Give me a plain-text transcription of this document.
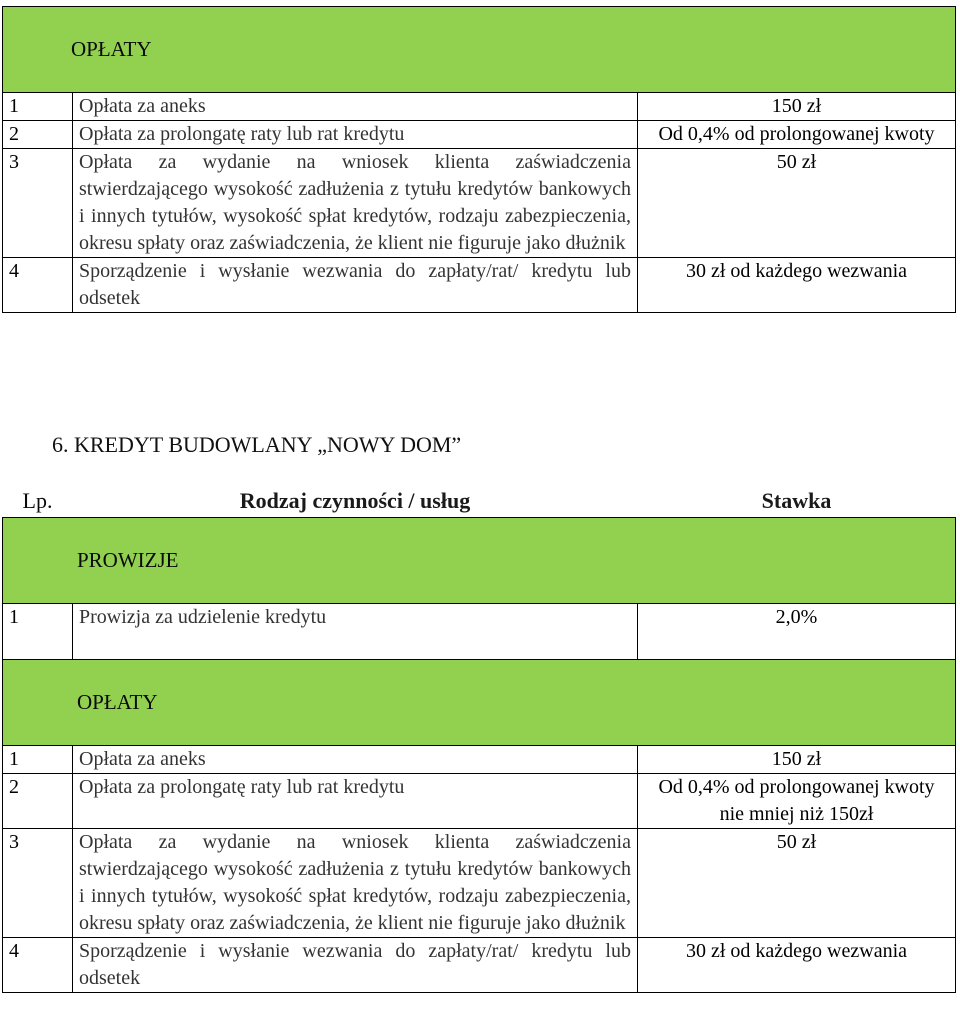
OPŁATY		
1	Opłata za aneks	150 zł
2	Opłata za prolongatę raty lub rat kredytu	Od 0,4% od prolongowanej kwoty
3	Opłata za wydanie na wniosek klienta zaświadczenia stwierdzającego wysokość zadłużenia z tytułu kredytów bankowych i innych tytułów, wysokość spłat kredytów, rodzaju zabezpieczenia, okresu spłaty oraz zaświadczenia, że klient nie figuruje jako dłużnik	50 zł
4	Sporządzenie i wysłanie wezwania do zapłaty/rat/ kredytu lub odsetek	30 zł od każdego wezwania
6. KREDYT BUDOWLANY „NOWY DOM”
Lp.	Rodzaj czynności / usług	Stawka
PROWIZJE		
1	Prowizja za udzielenie kredytu	2,0%
OPŁATY		
1	Opłata za aneks	150 zł
2	Opłata za prolongatę raty lub rat kredytu	Od 0,4% od prolongowanej kwoty nie mniej niż 150zł
3	Opłata za wydanie na wniosek klienta zaświadczenia stwierdzającego wysokość zadłużenia z tytułu kredytów bankowych i innych tytułów, wysokość spłat kredytów, rodzaju zabezpieczenia, okresu spłaty oraz zaświadczenia, że klient nie figuruje jako dłużnik	50 zł
4	Sporządzenie i wysłanie wezwania do zapłaty/rat/ kredytu lub odsetek	30 zł od każdego wezwania
